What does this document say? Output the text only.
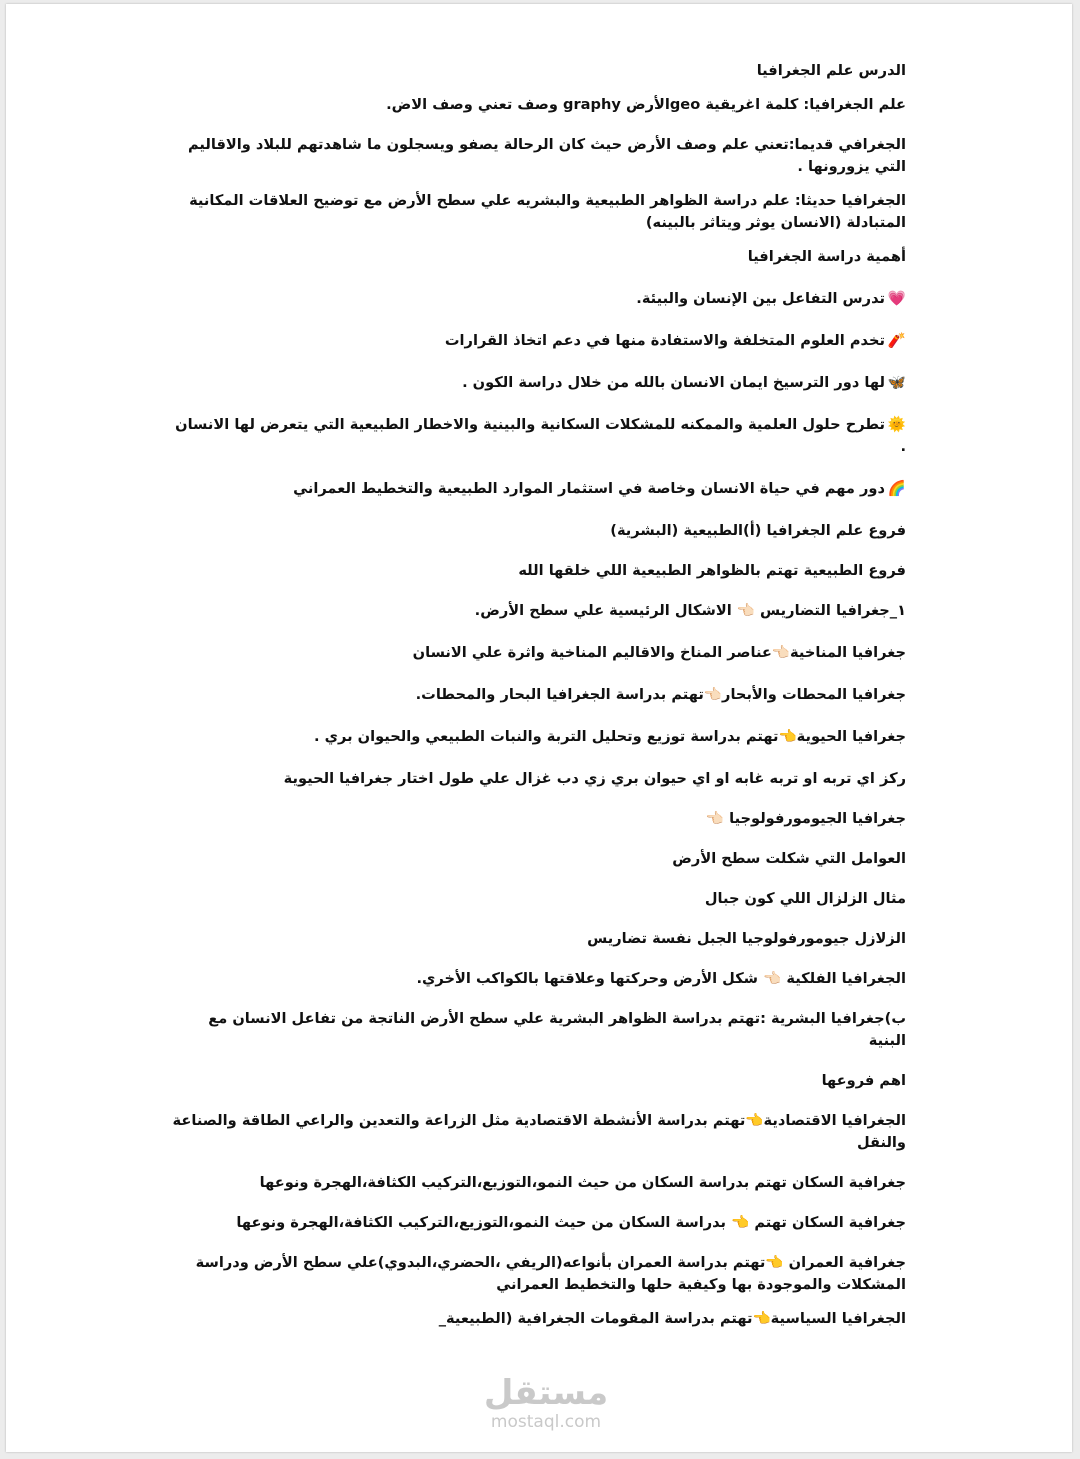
الدرس علم الجغرافيا
علم الجغرافيا: كلمة اغريقية geoالأرض graphy وصف تعني وصف الاض.
الجغرافي قديما:تعني علم وصف الأرض حيث كان الرحالة يصفو ويسجلون ما شاهدتهم للبلاد والاقاليم التي يزورونها .
الجغرافيا حديثا: علم دراسة الظواهر الطبيعية والبشريه علي سطح الأرض مع توضيح العلاقات المكانية المتبادلة (الانسان يوثر ويتاثر بالبينه)
أهمية دراسة الجغرافيا
💗تدرس التفاعل بين الإنسان والبيئة.
🧨تخدم العلوم المتخلفة والاستفادة منها في دعم اتخاذ القرارات
🦋لها دور الترسيخ ايمان الانسان بالله من خلال دراسة الكون .
🌞تطرح حلول العلمية والممكنه للمشكلات السكانية والبينية والاخطار الطبيعية التي يتعرض لها الانسان .
🌈دور مهم في حياة الانسان وخاصة في استثمار الموارد الطبيعية والتخطيط العمراني
فروع علم الجغرافيا (أ)الطبيعية (البشرية)
فروع الطبيعية تهتم بالظواهر الطبيعية اللي خلقها الله
١_جغرافيا التضاريس 👈🏻 الاشكال الرئيسية علي سطح الأرض.
جغرافيا المناخية👈🏻عناصر المناخ والاقاليم المناخية واثرة علي الانسان
جغرافيا المحطات والأبحار👈🏻تهتم بدراسة الجغرافيا البحار والمحطات.
جغرافيا الحيوية👈تهتم بدراسة توزيع وتحليل التربة والنبات الطبيعي والحيوان بري .
ركز اي تربه او تربه غابه او اي حيوان بري زي دب غزال علي طول اختار جغرافيا الحيوية
جغرافيا الجيومورفولوجيا 👈🏻
العوامل التي شكلت سطح الأرض
مثال الزلزال اللي كون جبال
الزلازل جيومورفولوجيا الجبل نفسة تضاريس
الجغرافيا الفلكية 👈🏻 شكل الأرض وحركتها وعلاقتها بالكواكب الأخري.
ب)جغرافيا البشرية :تهتم بدراسة الظواهر البشرية علي سطح الأرض الناتجة من تفاعل الانسان مع البنية
اهم فروعها
الجغرافيا الاقتصادية👈تهتم بدراسة الأنشطة الاقتصادية مثل الزراعة والتعدين والراعي الطاقة والصناعة والنقل
جغرافية السكان تهتم بدراسة السكان من حيث النمو،التوزيع،التركيب الكثافة،الهجرة ونوعها
جغرافية السكان تهتم 👈 بدراسة السكان من حيث النمو،التوزيع،التركيب الكثافة،الهجرة ونوعها
جغرافية العمران 👈تهتم بدراسة العمران بأنواعه(الريفي ،الحضري،البدوي)علي سطح الأرض ودراسة المشكلات والموجودة بها وكيفية حلها والتخطيط العمراني
الجغرافيا السياسية👈تهتم بدراسة المقومات الجغرافية (الطبيعية_
مستقل
mostaql.com
